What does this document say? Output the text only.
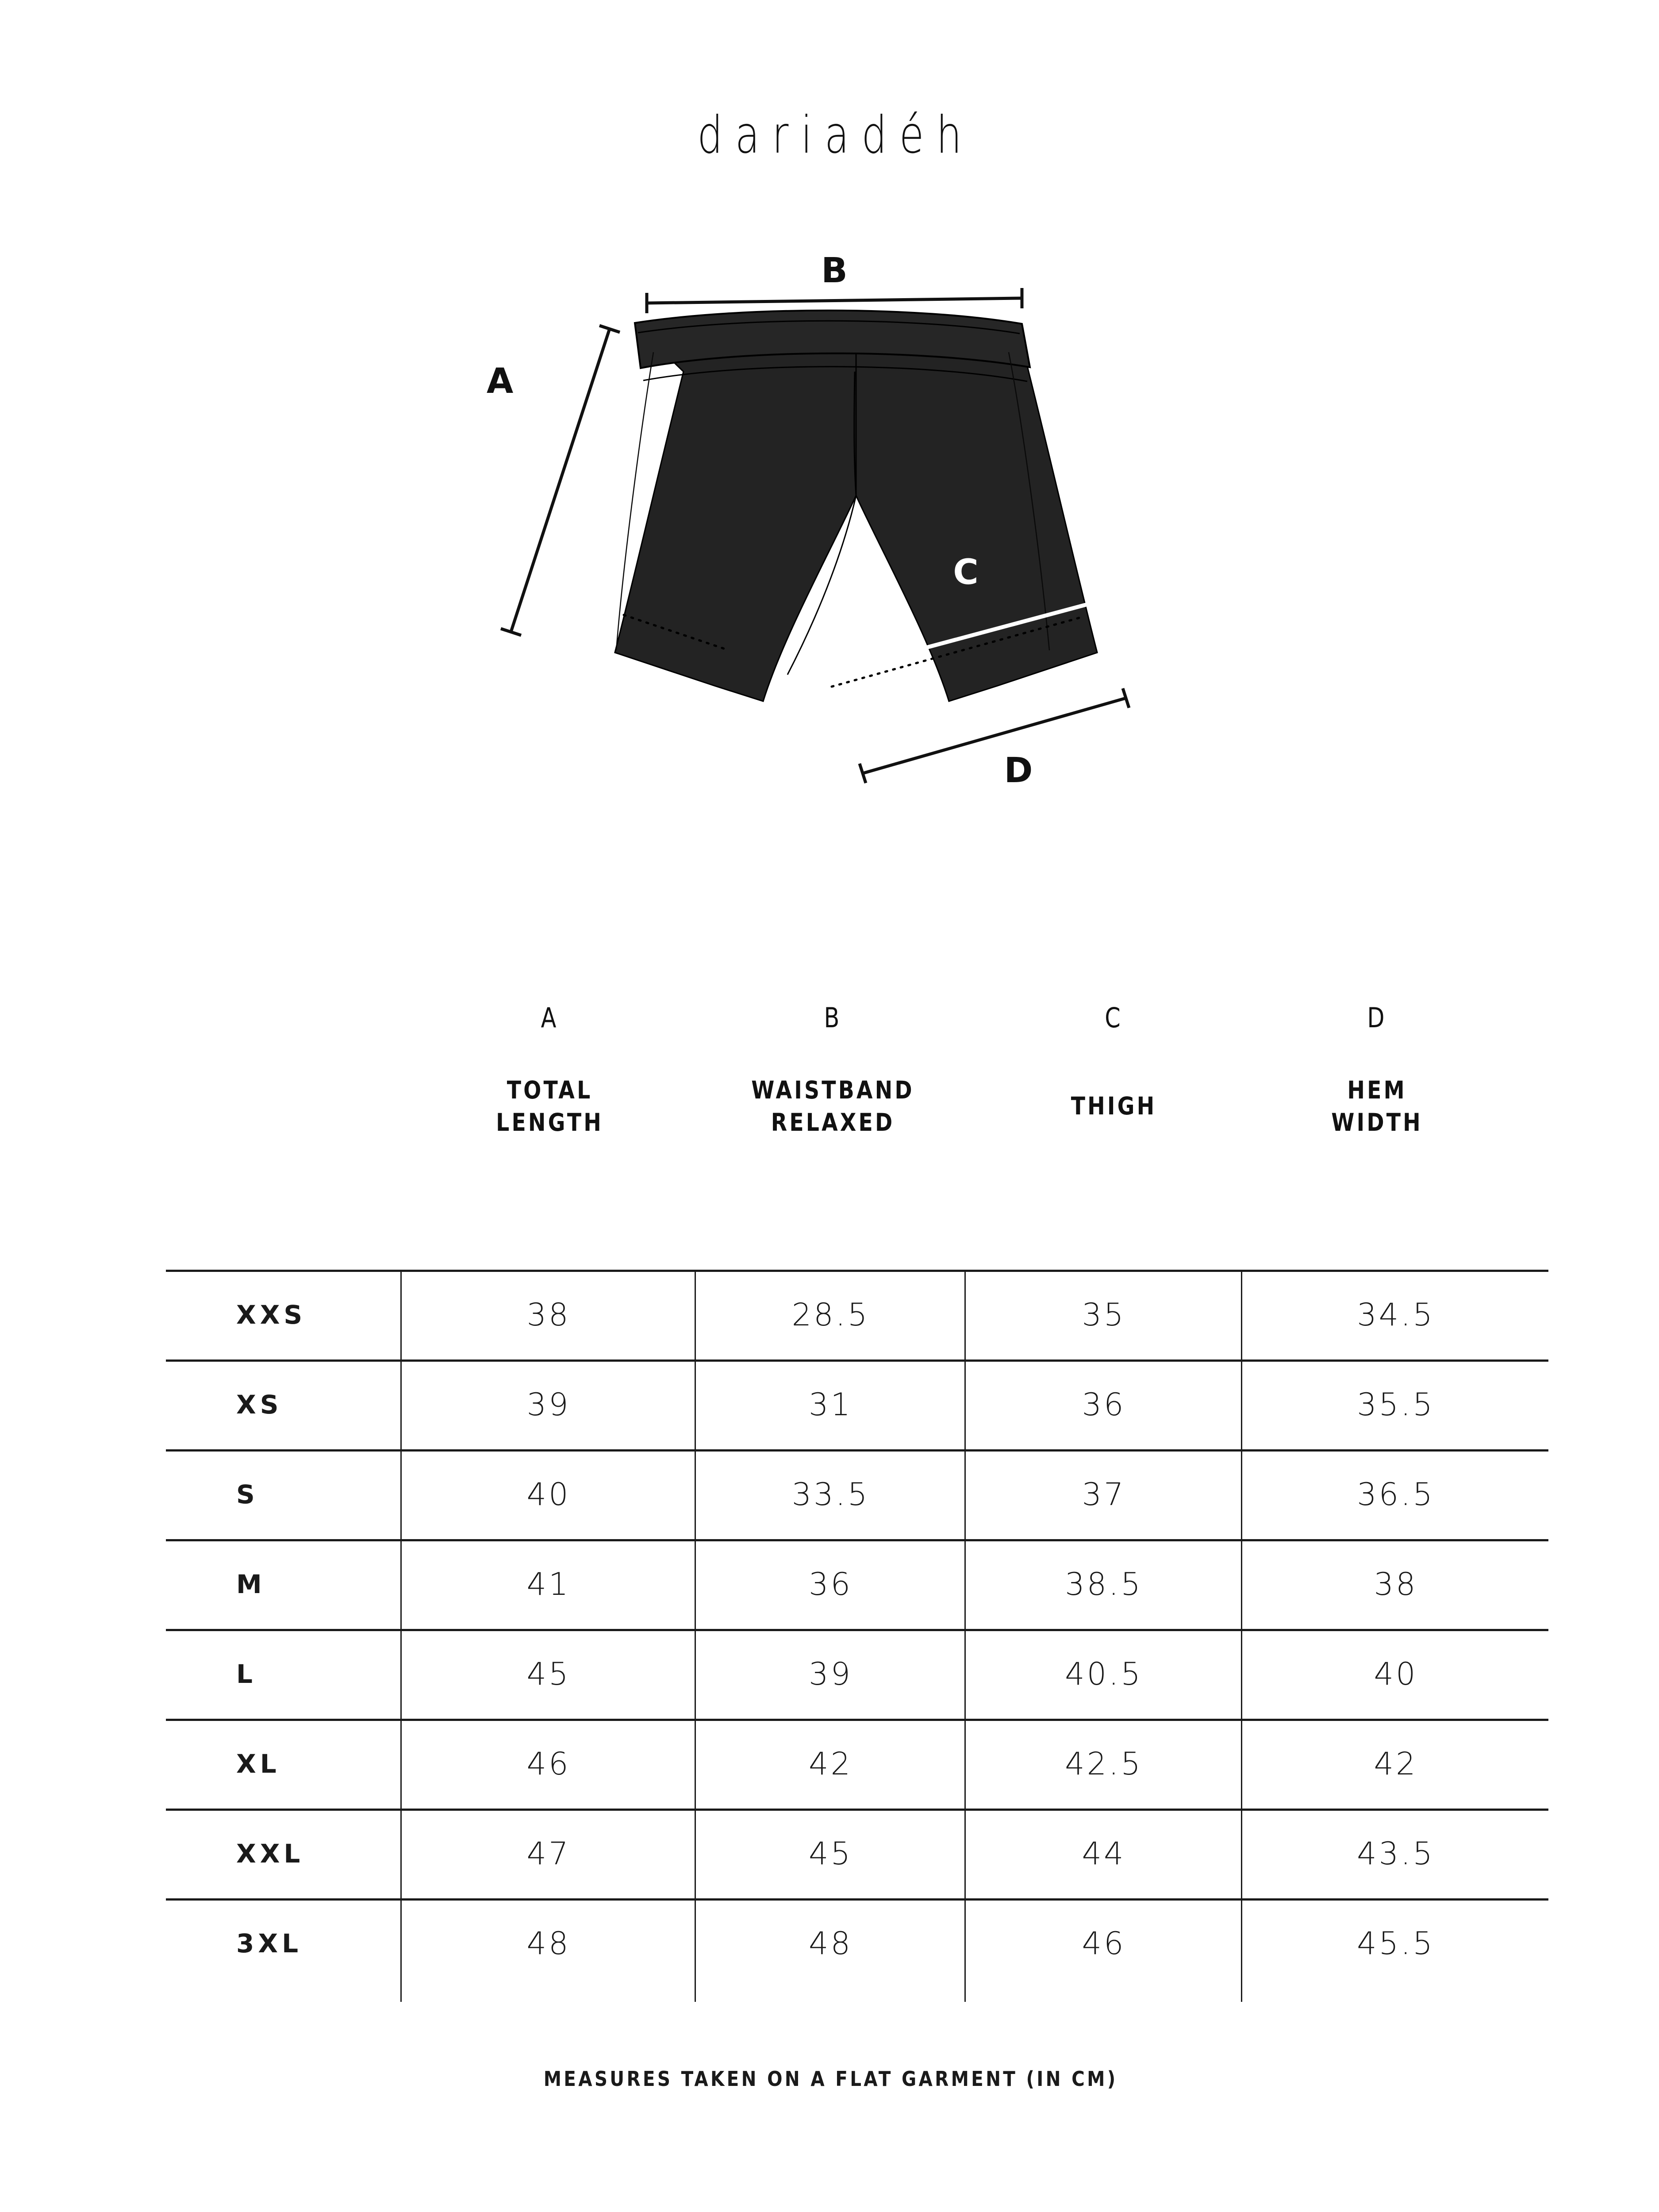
dariadéh
B
A
C
D
A
TOTAL
LENGTH
B
WAISTBAND
RELAXED
C
THIGH
D
HEM
WIDTH
XXS	38	28.5	35	34.5
XS	39	31	36	35.5
S	40	33.5	37	36.5
M	41	36	38.5	38
L	45	39	40.5	40
XL	46	42	42.5	42
XXL	47	45	44	43.5
3XL	48	48	46	45.5
MEASURES TAKEN ON A FLAT GARMENT (IN CM)
